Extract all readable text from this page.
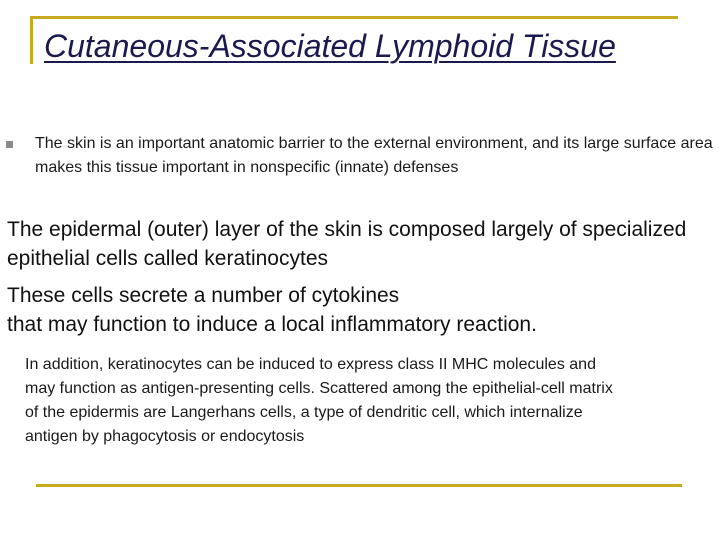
Cutaneous-Associated Lymphoid Tissue
The skin is an important anatomic barrier to the external environment, and its large surface area makes this tissue important in nonspecific (innate) defenses

The epidermal (outer) layer of the skin is composed largely of specialized epithelial cells called keratinocytes

These cells secrete a number of cytokines
that may function to induce a local inflammatory reaction.

In addition, keratinocytes can be induced to express class II MHC molecules and may function as antigen-presenting cells. Scattered among the epithelial-cell matrix of the epidermis are Langerhans cells, a type of dendritic cell, which internalize antigen by phagocytosis or endocytosis
